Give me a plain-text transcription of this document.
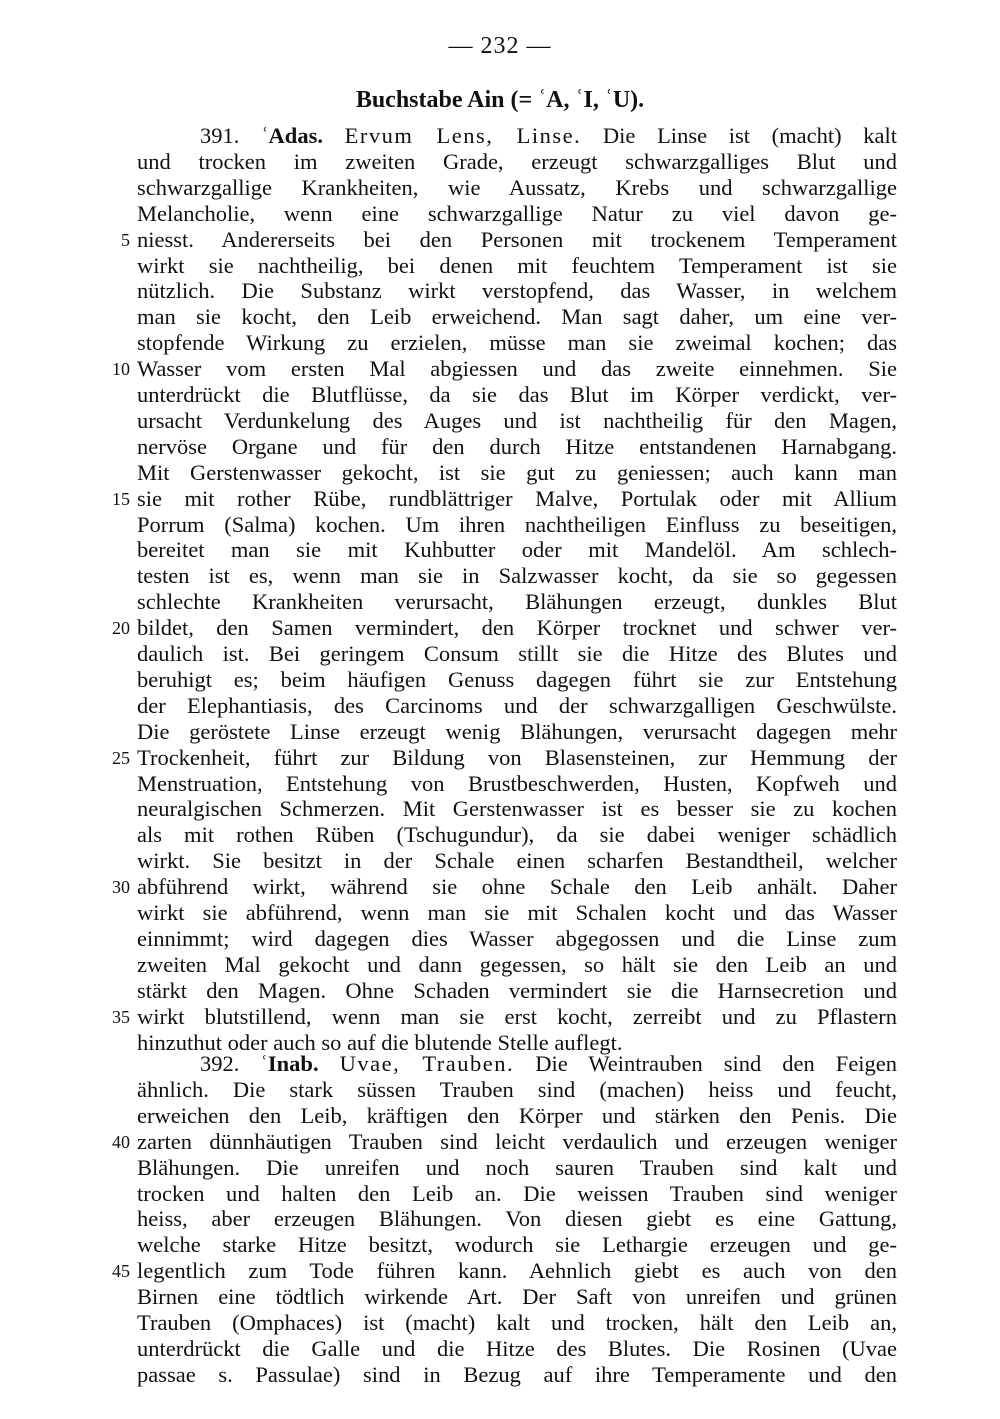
— 232 —
Buchstabe Ain (= ʿA, ʿI, ʿU).
391. ʿAdas. Ervum Lens, Linse. Die Linse ist (macht) kalt
und trocken im zweiten Grade, erzeugt schwarzgalliges Blut und
schwarzgallige Krankheiten, wie Aussatz, Krebs und schwarzgallige
Melancholie, wenn eine schwarzgallige Natur zu viel davon ge-
niesst. Andererseits bei den Personen mit trockenem Temperament
wirkt sie nachtheilig, bei denen mit feuchtem Temperament ist sie
nützlich. Die Substanz wirkt verstopfend, das Wasser, in welchem
man sie kocht, den Leib erweichend. Man sagt daher, um eine ver-
stopfende Wirkung zu erzielen, müsse man sie zweimal kochen; das
Wasser vom ersten Mal abgiessen und das zweite einnehmen. Sie
unterdrückt die Blutflüsse, da sie das Blut im Körper verdickt, ver-
ursacht Verdunkelung des Auges und ist nachtheilig für den Magen,
nervöse Organe und für den durch Hitze entstandenen Harnabgang.
Mit Gerstenwasser gekocht, ist sie gut zu geniessen; auch kann man
sie mit rother Rübe, rundblättriger Malve, Portulak oder mit Allium
Porrum (Salma) kochen. Um ihren nachtheiligen Einfluss zu beseitigen,
bereitet man sie mit Kuhbutter oder mit Mandelöl. Am schlech-
testen ist es, wenn man sie in Salzwasser kocht, da sie so gegessen
schlechte Krankheiten verursacht, Blähungen erzeugt, dunkles Blut
bildet, den Samen vermindert, den Körper trocknet und schwer ver-
daulich ist. Bei geringem Consum stillt sie die Hitze des Blutes und
beruhigt es; beim häufigen Genuss dagegen führt sie zur Entstehung
der Elephantiasis, des Carcinoms und der schwarzgalligen Geschwülste.
Die geröstete Linse erzeugt wenig Blähungen, verursacht dagegen mehr
Trockenheit, führt zur Bildung von Blasensteinen, zur Hemmung der
Menstruation, Entstehung von Brustbeschwerden, Husten, Kopfweh und
neuralgischen Schmerzen. Mit Gerstenwasser ist es besser sie zu kochen
als mit rothen Rüben (Tschugundur), da sie dabei weniger schädlich
wirkt. Sie besitzt in der Schale einen scharfen Bestandtheil, welcher
abführend wirkt, während sie ohne Schale den Leib anhält. Daher
wirkt sie abführend, wenn man sie mit Schalen kocht und das Wasser
einnimmt; wird dagegen dies Wasser abgegossen und die Linse zum
zweiten Mal gekocht und dann gegessen, so hält sie den Leib an und
stärkt den Magen. Ohne Schaden vermindert sie die Harnsecretion und
wirkt blutstillend, wenn man sie erst kocht, zerreibt und zu Pflastern
hinzuthut oder auch so auf die blutende Stelle auflegt.
392. ʿInab. Uvae, Trauben. Die Weintrauben sind den Feigen
ähnlich. Die stark süssen Trauben sind (machen) heiss und feucht,
erweichen den Leib, kräftigen den Körper und stärken den Penis. Die
zarten dünnhäutigen Trauben sind leicht verdaulich und erzeugen weniger
Blähungen. Die unreifen und noch sauren Trauben sind kalt und
trocken und halten den Leib an. Die weissen Trauben sind weniger
heiss, aber erzeugen Blähungen. Von diesen giebt es eine Gattung,
welche starke Hitze besitzt, wodurch sie Lethargie erzeugen und ge-
legentlich zum Tode führen kann. Aehnlich giebt es auch von den
Birnen eine tödtlich wirkende Art. Der Saft von unreifen und grünen
Trauben (Omphaces) ist (macht) kalt und trocken, hält den Leib an,
unterdrückt die Galle und die Hitze des Blutes. Die Rosinen (Uvae
passae s. Passulae) sind in Bezug auf ihre Temperamente und den
5
10
15
20
25
30
35
40
45
